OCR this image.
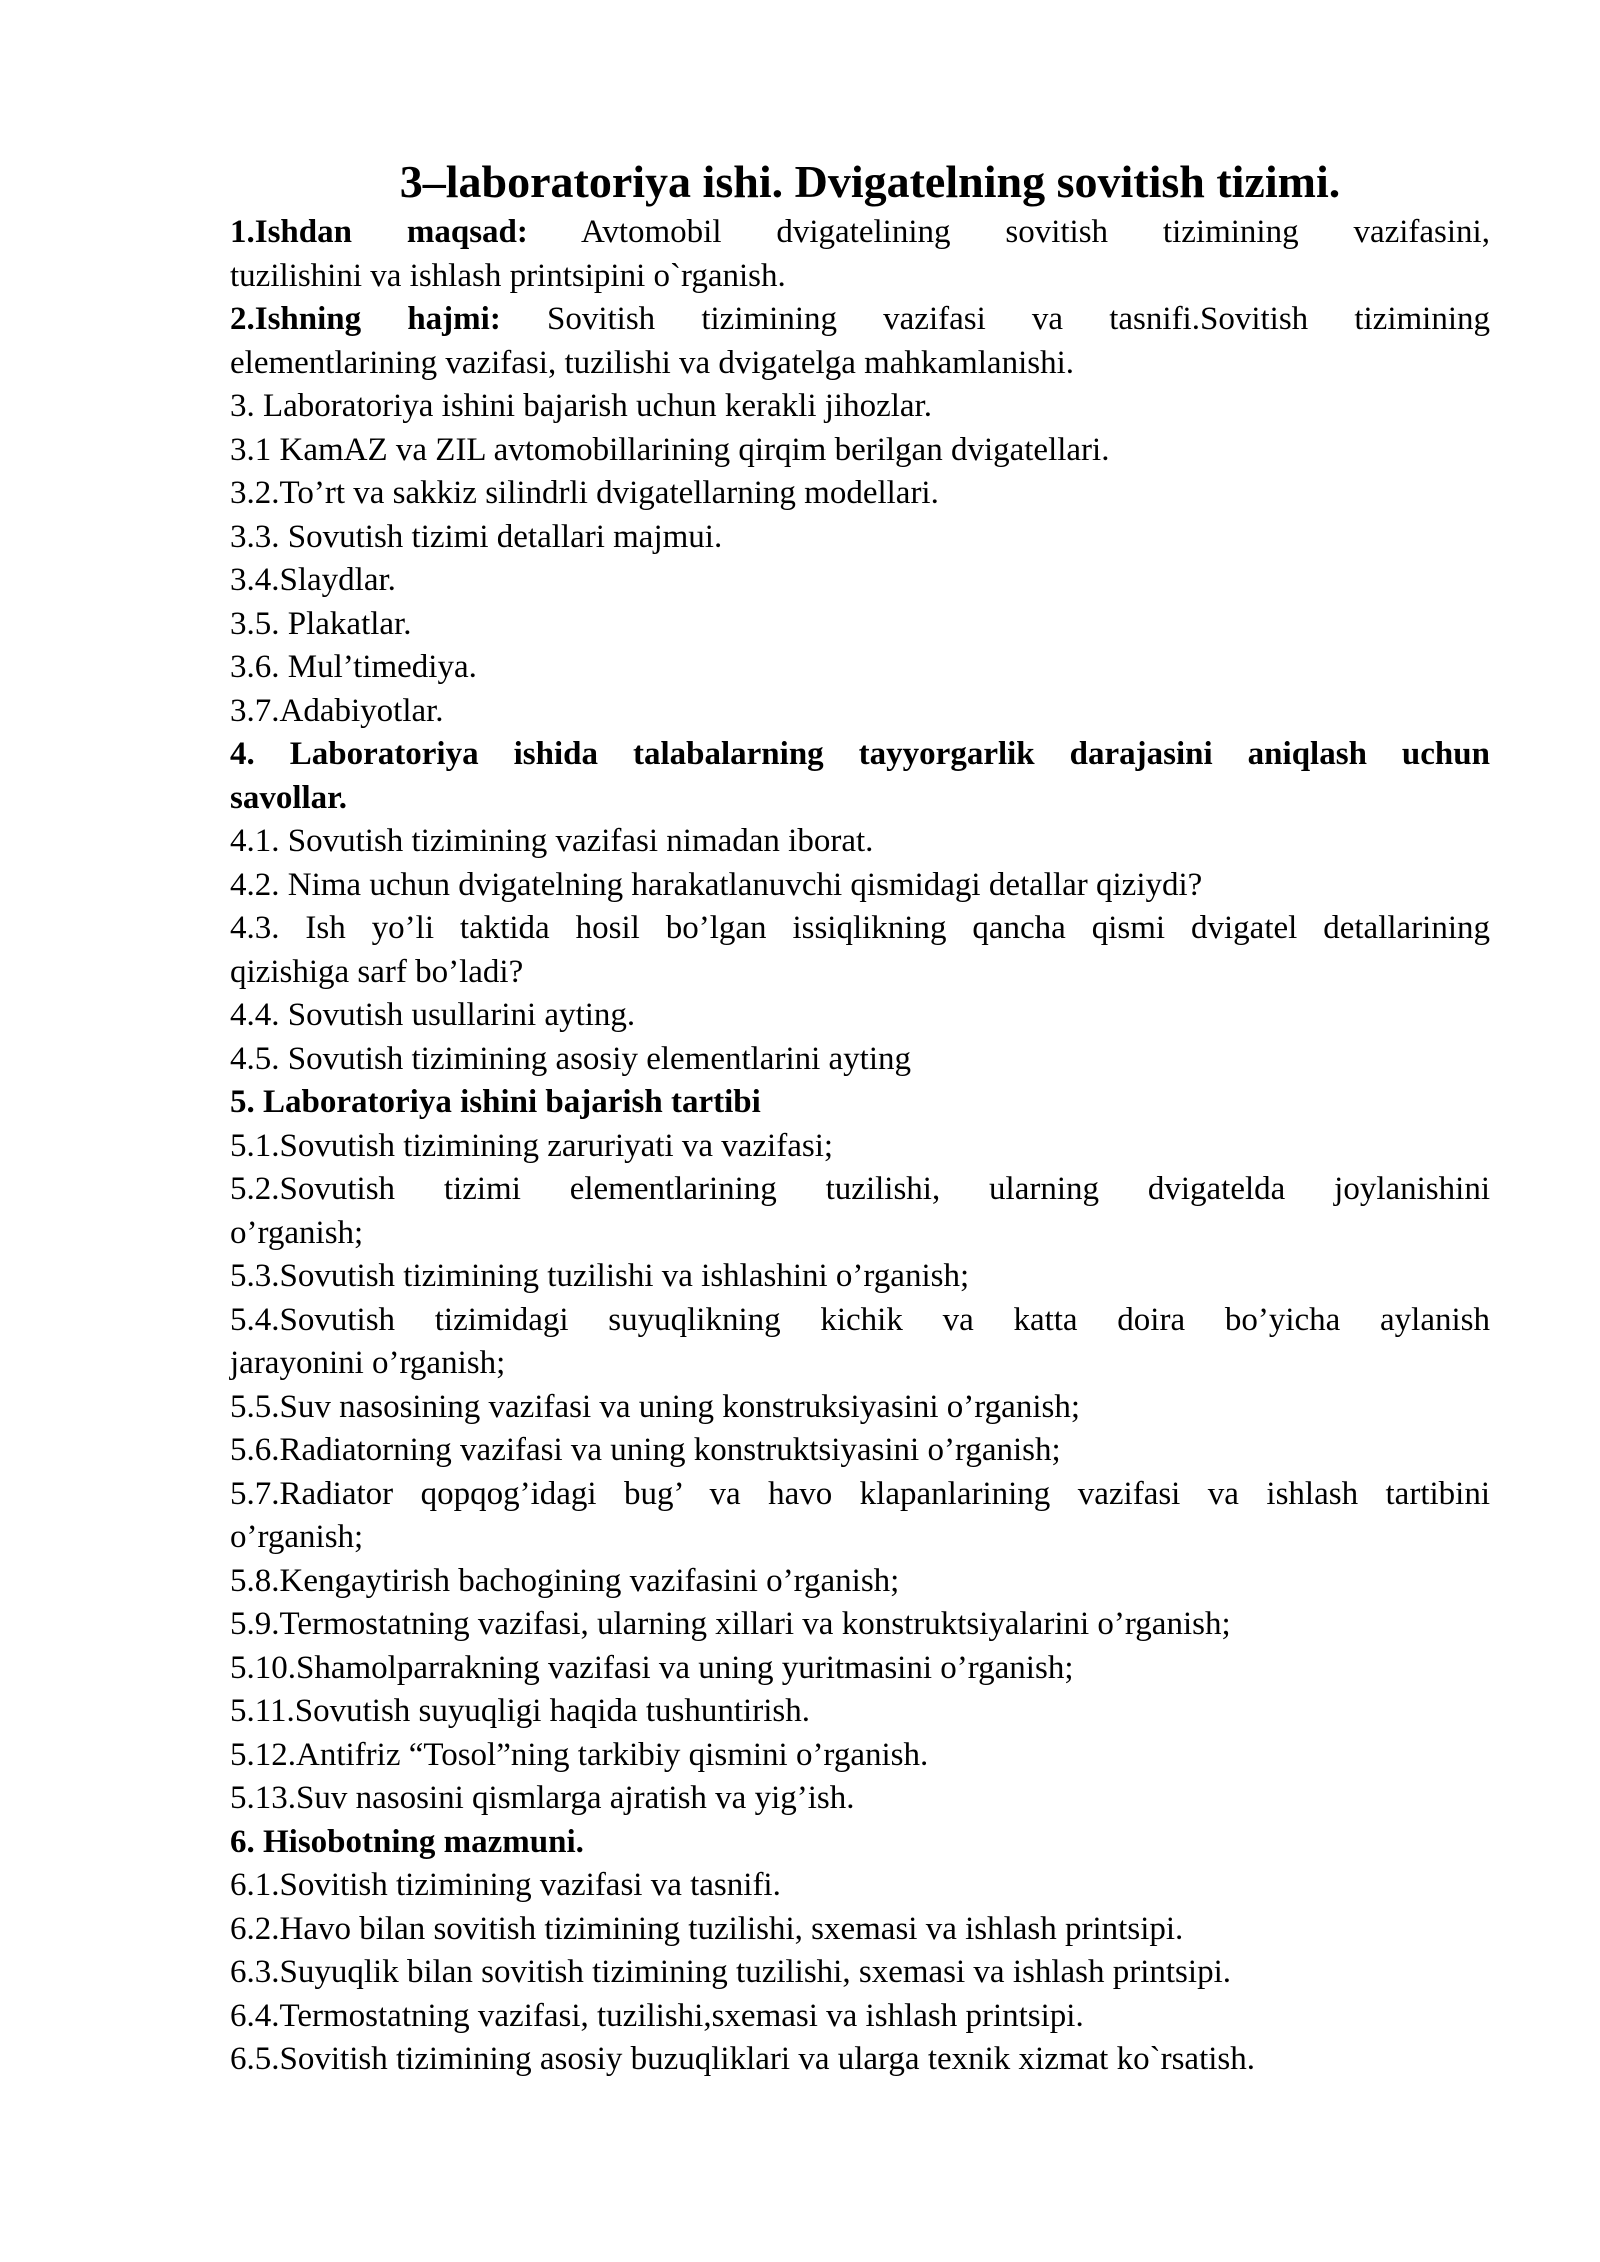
3–laboratoriya ishi. Dvigatelning sovitish tizimi.

1.Ishdan maqsad: Avtomobil dvigatelining sovitish tizimining vazifasini,

tuzilishini va ishlash printsipini o`rganish.

2.Ishning hajmi: Sovitish tizimining vazifasi va tasnifi.Sovitish tizimining

elementlarining vazifasi, tuzilishi va dvigatelga mahkamlanishi.

3. Laboratoriya ishini bajarish uchun kerakli jihozlar.

3.1 KamAZ va ZIL avtomobillarining qirqim berilgan dvigatellari.

3.2.To’rt va sakkiz silindrli dvigatellarning modellari.

3.3. Sovutish tizimi detallari majmui.

3.4.Slaydlar.

3.5. Plakatlar.

3.6. Mul’timediya.

3.7.Adabiyotlar.

4. Laboratoriya ishida talabalarning tayyorgarlik darajasini aniqlash uchun

savollar.

4.1. Sovutish tizimining vazifasi nimadan iborat.

4.2. Nima uchun dvigatelning harakatlanuvchi qismidagi detallar qiziydi?

4.3. Ish yo’li taktida hosil bo’lgan issiqlikning qancha qismi dvigatel detallarining

qizishiga sarf bo’ladi?

4.4. Sovutish usullarini ayting.

4.5. Sovutish tizimining asosiy elementlarini ayting

5. Laboratoriya ishini bajarish tartibi

5.1.Sovutish tizimining zaruriyati va vazifasi;

5.2.Sovutish tizimi elementlarining tuzilishi, ularning dvigatelda joylanishini

o’rganish;

5.3.Sovutish tizimining tuzilishi va ishlashini o’rganish;

5.4.Sovutish tizimidagi suyuqlikning kichik va katta doira bo’yicha aylanish

jarayonini o’rganish;

5.5.Suv nasosining vazifasi va uning konstruksiyasini o’rganish;

5.6.Radiatorning vazifasi va uning konstruktsiyasini o’rganish;

5.7.Radiator qopqog’idagi bug’ va havo klapanlarining vazifasi va ishlash tartibini

o’rganish;

5.8.Kengaytirish bachogining vazifasini o’rganish;

5.9.Termostatning vazifasi, ularning xillari va konstruktsiyalarini o’rganish;

5.10.Shamolparrakning vazifasi va uning yuritmasini o’rganish;

5.11.Sovutish suyuqligi haqida tushuntirish.

5.12.Antifriz “Tosol”ning tarkibiy qismini o’rganish.

5.13.Suv nasosini qismlarga ajratish va yig’ish.

6. Hisobotning mazmuni.

6.1.Sovitish tizimining vazifasi va tasnifi.

6.2.Havo bilan sovitish tizimining tuzilishi, sxemasi va ishlash printsipi.

6.3.Suyuqlik bilan sovitish tizimining tuzilishi, sxemasi va ishlash printsipi.

6.4.Termostatning vazifasi, tuzilishi,sxemasi va ishlash printsipi.

6.5.Sovitish tizimining asosiy buzuqliklari va ularga texnik xizmat ko`rsatish.
